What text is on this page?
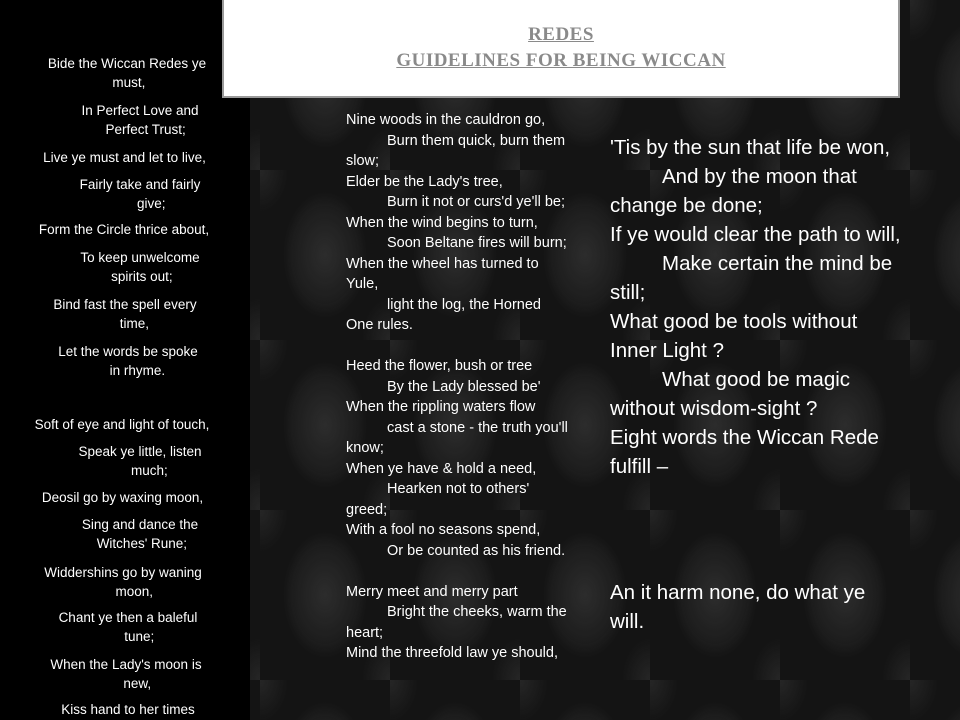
Bide the Wiccan Redes ye
must,
In Perfect Love and
Perfect Trust;
Live ye must and let to live,
Fairly take and fairly
give;
Form the Circle thrice about,
To keep unwelcome
spirits out;
Bind fast the spell every
time,
Let the words be spoke
in rhyme.
Soft of eye and light of touch,
Speak ye little, listen
much;
Deosil go by waxing moon,
Sing and dance the
Witches' Rune;
Widdershins go by waning
moon,
Chant ye then a baleful
tune;
When the Lady's moon is
new,
Kiss hand to her times
REDES
GUIDELINES FOR BEING WICCAN
Nine woods in the cauldron go,
Burn them quick, burn them
slow;
Elder be the Lady's tree,
Burn it not or curs'd ye'll be;
When the wind begins to turn,
Soon Beltane fires will burn;
When the wheel has turned to
Yule,
light the log, the Horned
One rules.
Heed the flower, bush or tree
By the Lady blessed be'
When the rippling waters flow
cast a stone - the truth you'll
know;
When ye have & hold a need,
Hearken not to others'
greed;
With a fool no seasons spend,
Or be counted as his friend.
Merry meet and merry part
Bright the cheeks, warm the
heart;
Mind the threefold law ye should,
'Tis by the sun that life be won,
And by the moon that
change be done;
If ye would clear the path to will,
Make certain the mind be
still;
What good be tools without
Inner Light ?
What good be magic
without wisdom-sight ?
Eight words the Wiccan Rede
fulfill –
An it harm none, do what ye
will.
